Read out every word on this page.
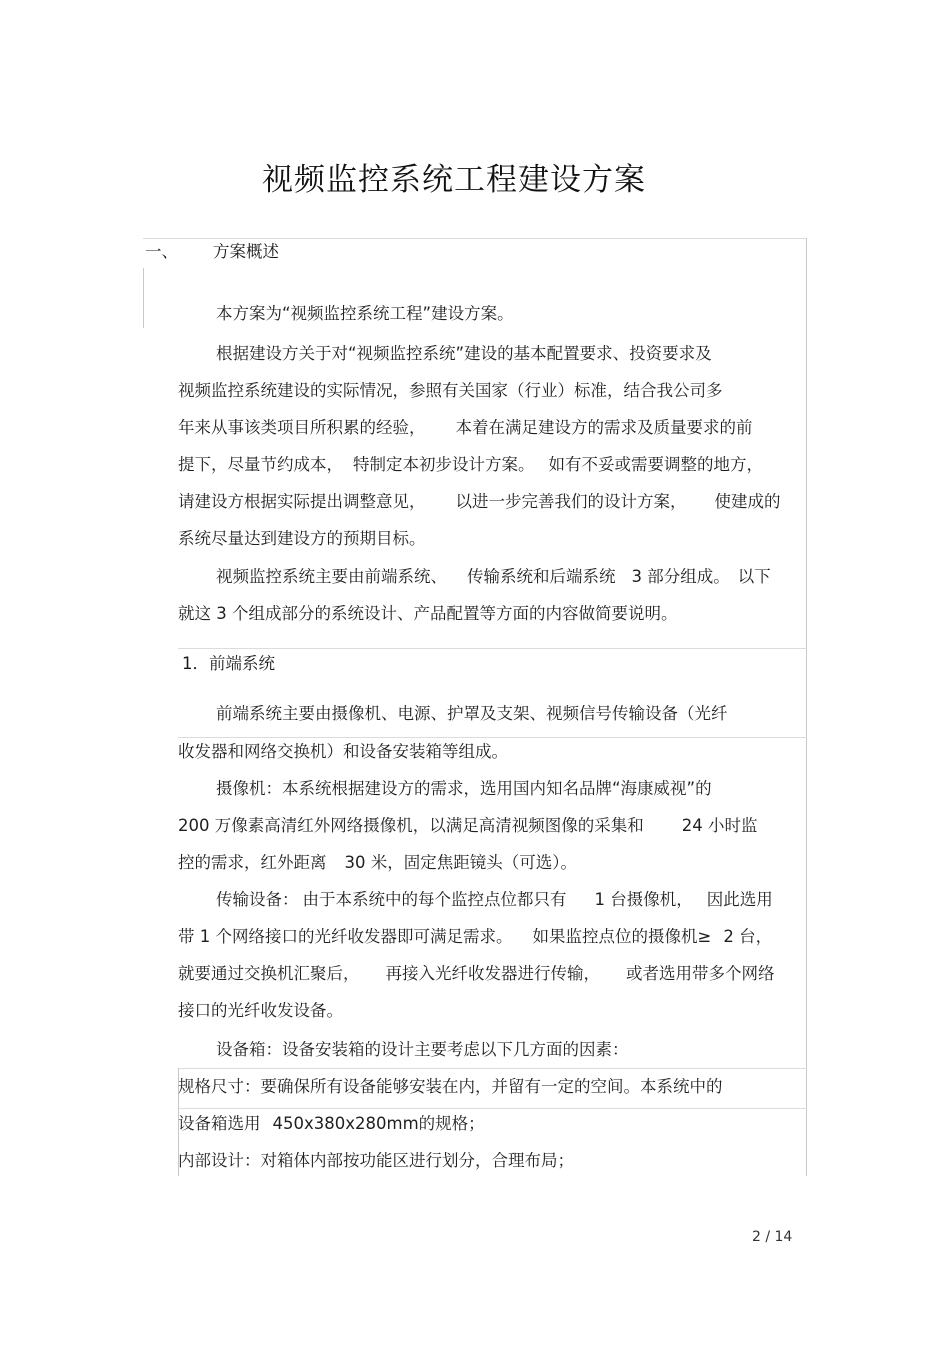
视频监控系统工程建设方案
一、 方案概述
本方案为“视频监控系统工程”建设方案。
根据建设方关于对“视频监控系统”建设的基本配置要求、投资要求及
视频监控系统建设的实际情况，参照有关国家（行业）标准，结合我公司多
年来从事该类项目所积累的经验， 本着在满足建设方的需求及质量要求的前
提下，尽量节约成本， 特制定本初步设计方案。 如有不妥或需要调整的地方，
请建设方根据实际提出调整意见， 以进一步完善我们的设计方案， 使建成的
系统尽量达到建设方的预期目标。
视频监控系统主要由前端系统、 传输系统和后端系统 3 部分组成。 以下
就这 3 个组成部分的系统设计、产品配置等方面的内容做简要说明。
1．前端系统
前端系统主要由摄像机、电源、护罩及支架、视频信号传输设备（光纤
收发器和网络交换机）和设备安装箱等组成。
摄像机：本系统根据建设方的需求，选用国内知名品牌“海康威视”的
200 万像素高清红外网络摄像机，以满足高清视频图像的采集和 24 小时监
控的需求，红外距离 30 米，固定焦距镜头（可选）。
传输设备： 由于本系统中的每个监控点位都只有 1 台摄像机， 因此选用
带 1 个网络接口的光纤收发器即可满足需求。 如果监控点位的摄像机≥ 2 台，
就要通过交换机汇聚后， 再接入光纤收发器进行传输， 或者选用带多个网络
接口的光纤收发设备。
设备箱：设备安装箱的设计主要考虑以下几方面的因素：
规格尺寸：要确保所有设备能够安装在内，并留有一定的空间。本系统中的
设备箱选用 450x380x280mm的规格；
内部设计：对箱体内部按功能区进行划分，合理布局；
2 / 14
